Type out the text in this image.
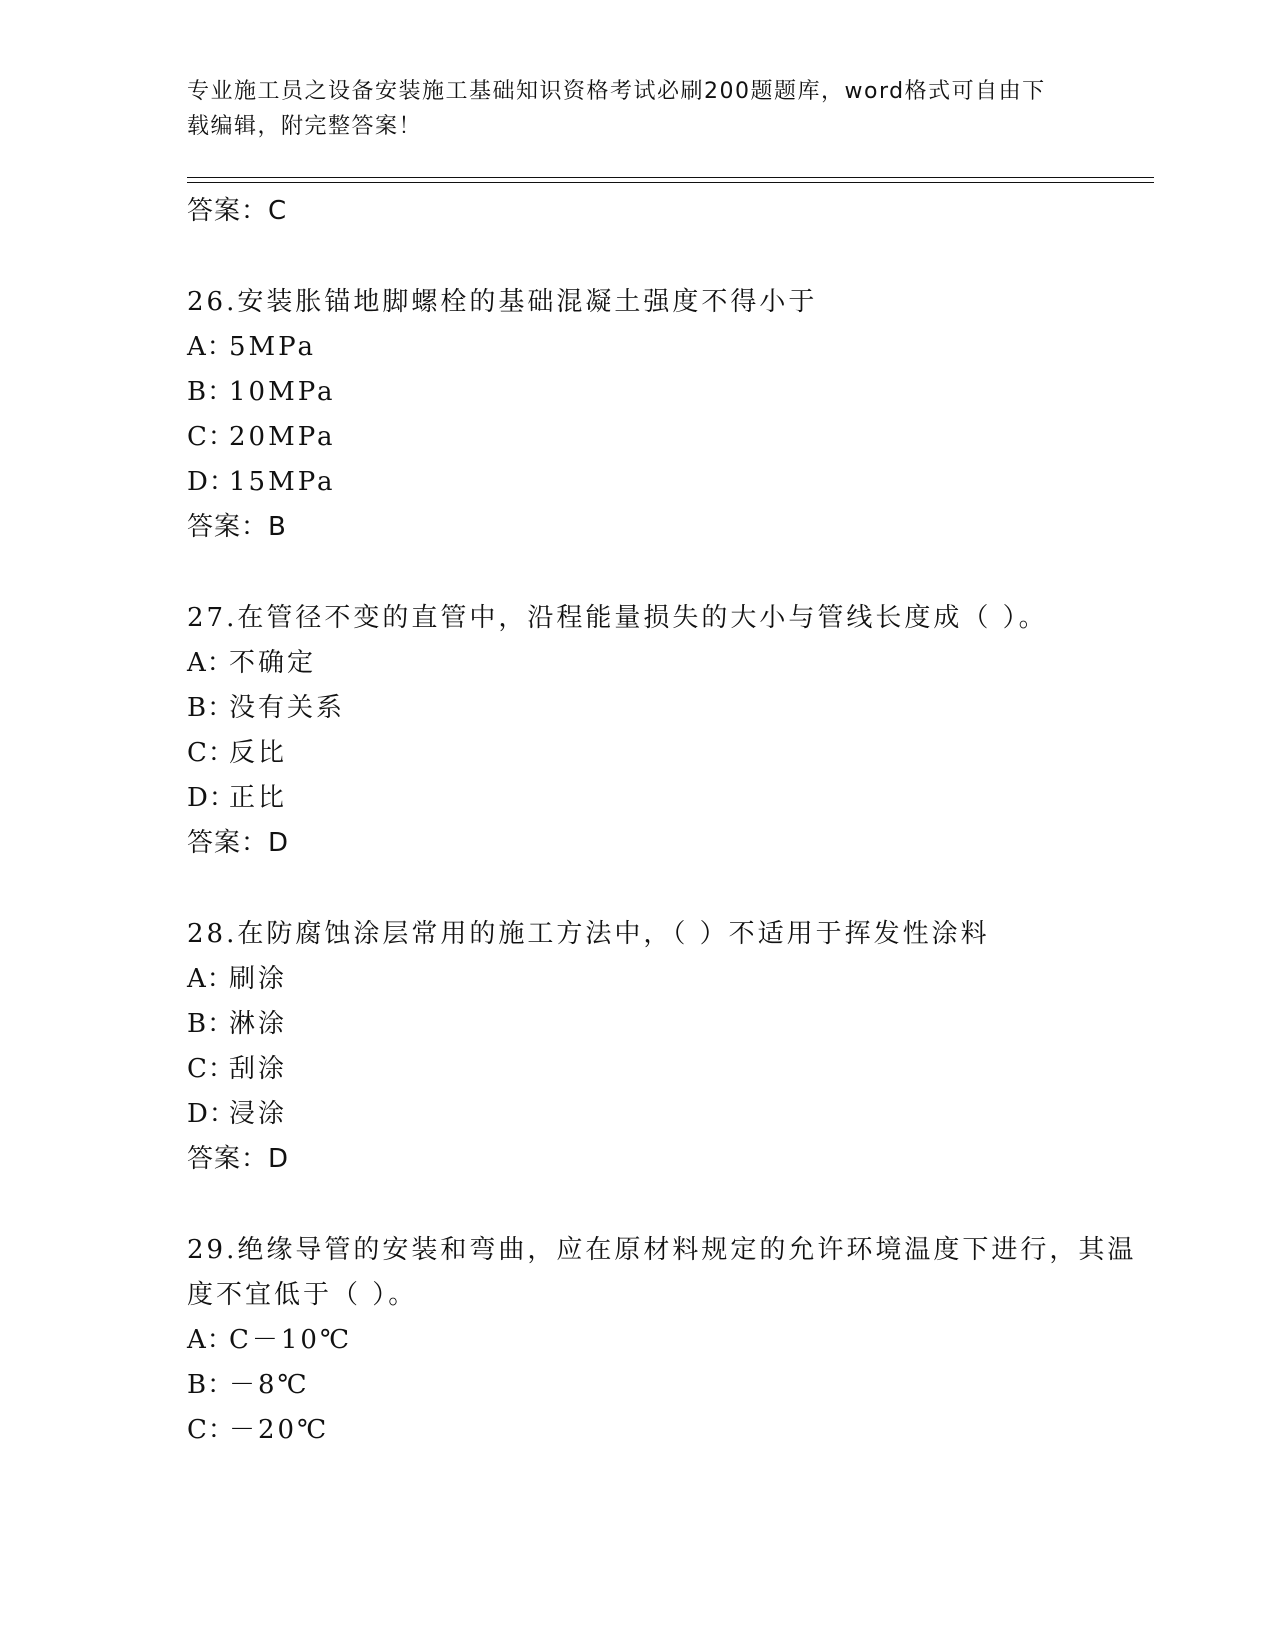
专业施工员之设备安装施工基础知识资格考试必刷200题题库，word格式可自由下载编辑，附完整答案！
答案：C
26.安装胀锚地脚螺栓的基础混凝土强度不得小于
A：5MPa
B：10MPa
C：20MPa
D：15MPa
答案：B
27.在管径不变的直管中，沿程能量损失的大小与管线长度成（ ）。
A：不确定
B：没有关系
C：反比
D：正比
答案：D
28.在防腐蚀涂层常用的施工方法中，（ ）不适用于挥发性涂料
A：刷涂
B：淋涂
C：刮涂
D：浸涂
答案：D
29.绝缘导管的安装和弯曲，应在原材料规定的允许环境温度下进行，其温度不宜低于（ ）。
A：C－10℃
B：－8℃
C：－20℃
